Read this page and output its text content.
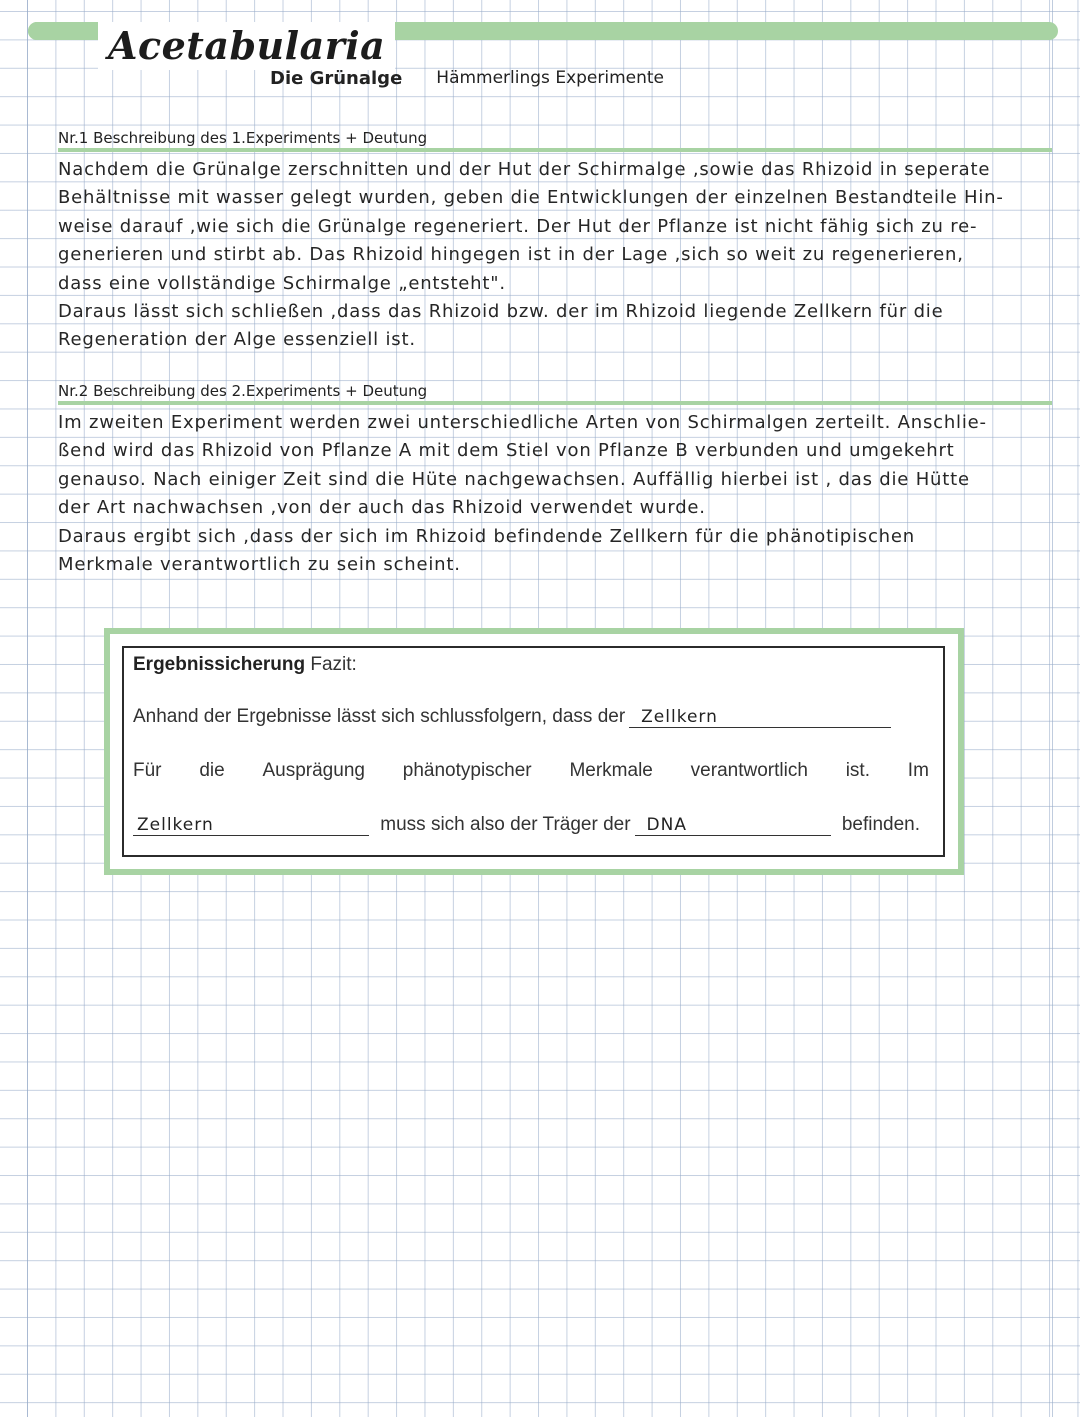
Acetabularia
Die Grünalge Hämmerlings Experimente
Nr.1 Beschreibung des 1.Experiments + Deutung

Nachdem die Grünalge zerschnitten und der Hut der Schirmalge ,sowie das Rhizoid in seperate

Behältnisse mit wasser gelegt wurden, geben die Entwicklungen der einzelnen Bestandteile Hin-

weise darauf ,wie sich die Grünalge regeneriert. Der Hut der Pflanze ist nicht fähig sich zu re-

generieren und stirbt ab. Das Rhizoid hingegen ist in der Lage ,sich so weit zu regenerieren,

dass eine vollständige Schirmalge „entsteht".

Daraus lässt sich schließen ,dass das Rhizoid bzw. der im Rhizoid liegende Zellkern für die

Regeneration der Alge essenziell ist.

Nr.2 Beschreibung des 2.Experiments + Deutung

Im zweiten Experiment werden zwei unterschiedliche Arten von Schirmalgen zerteilt. Anschlie-

ßend wird das Rhizoid von Pflanze A mit dem Stiel von Pflanze B verbunden und umgekehrt

genauso. Nach einiger Zeit sind die Hüte nachgewachsen. Auffällig hierbei ist , das die Hütte

der Art nachwachsen ,von der auch das Rhizoid verwendet wurde.

Daraus ergibt sich ,dass der sich im Rhizoid befindende Zellkern für die phänotipischen

Merkmale verantwortlich zu sein scheint.

Ergebnissicherung Fazit:
Anhand der Ergebnisse lässt sich schlussfolgern, dass der Zellkern
Für die Ausprägung phänotypischer Merkmale verantwortlich ist. Im
Zellkern	muss sich also der Träger der DNA	befinden.
